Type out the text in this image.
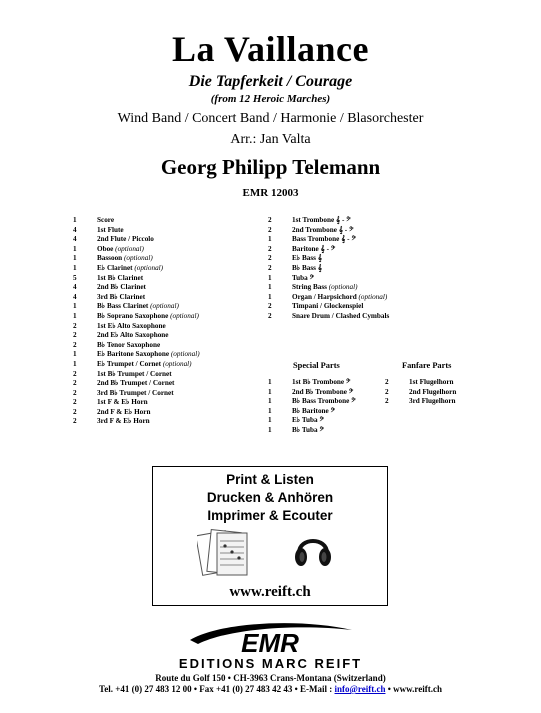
La Vaillance
Die Tapferkeit / Courage
(from 12 Heroic Marches)
Wind Band / Concert Band / Harmonie / Blasorchester
Arr.: Jan Valta
Georg Philipp Telemann
EMR 12003
1	Score
4	1st Flute
4	2nd Flute / Piccolo
1	Oboe
(optional)
1	Bassoon
(optional)
1	E♭ Clarinet
(optional)
5	1st B♭ Clarinet
4	2nd B♭ Clarinet
4	3rd B♭ Clarinet
1	B♭ Bass Clarinet
(optional)
1	B♭ Soprano Saxophone
(optional)
2	1st E♭ Alto Saxophone
2	2nd E♭ Alto Saxophone
2	B♭ Tenor Saxophone
1	E♭ Baritone Saxophone
(optional)
1	E♭ Trumpet / Cornet
(optional)
2	1st B♭ Trumpet / Cornet
2	2nd B♭ Trumpet / Cornet
2	3rd B♭ Trumpet / Cornet
2	1st F & E♭ Horn
2	2nd F & E♭ Horn
2	3rd F & E♭ Horn
2	1st Trombone 𝄞 - 𝄢
2	2nd Trombone 𝄞 - 𝄢
1	Bass Trombone 𝄞 - 𝄢
2	Baritone 𝄞 - 𝄢
2	E♭ Bass 𝄞
2	B♭ Bass 𝄞
1	Tuba 𝄢
1	String Bass
(optional)
1	Organ / Harpsichord
(optional)
2	Timpani / Glockenspiel
2	Snare Drum / Clashed Cymbals
Special Parts
1	1st B♭ Trombone 𝄢
1	2nd B♭ Trombone 𝄢
1	B♭ Bass Trombone 𝄢
1	B♭ Baritone 𝄢
1	E♭ Tuba 𝄢
1	B♭ Tuba 𝄢
Fanfare Parts
2	1st Flugelhorn
2	2nd Flugelhorn
2	3rd Flugelhorn
Print & Listen
Drucken & Anhören
Imprimer & Ecouter
www.reift.ch
EMR
EDITIONS MARC REIFT
Route du Golf 150 • CH-3963 Crans-Montana (Switzerland)
Tel. +41 (0) 27 483 12 00 • Fax +41 (0) 27 483 42 43 • E-Mail : info@reift.ch • www.reift.ch
